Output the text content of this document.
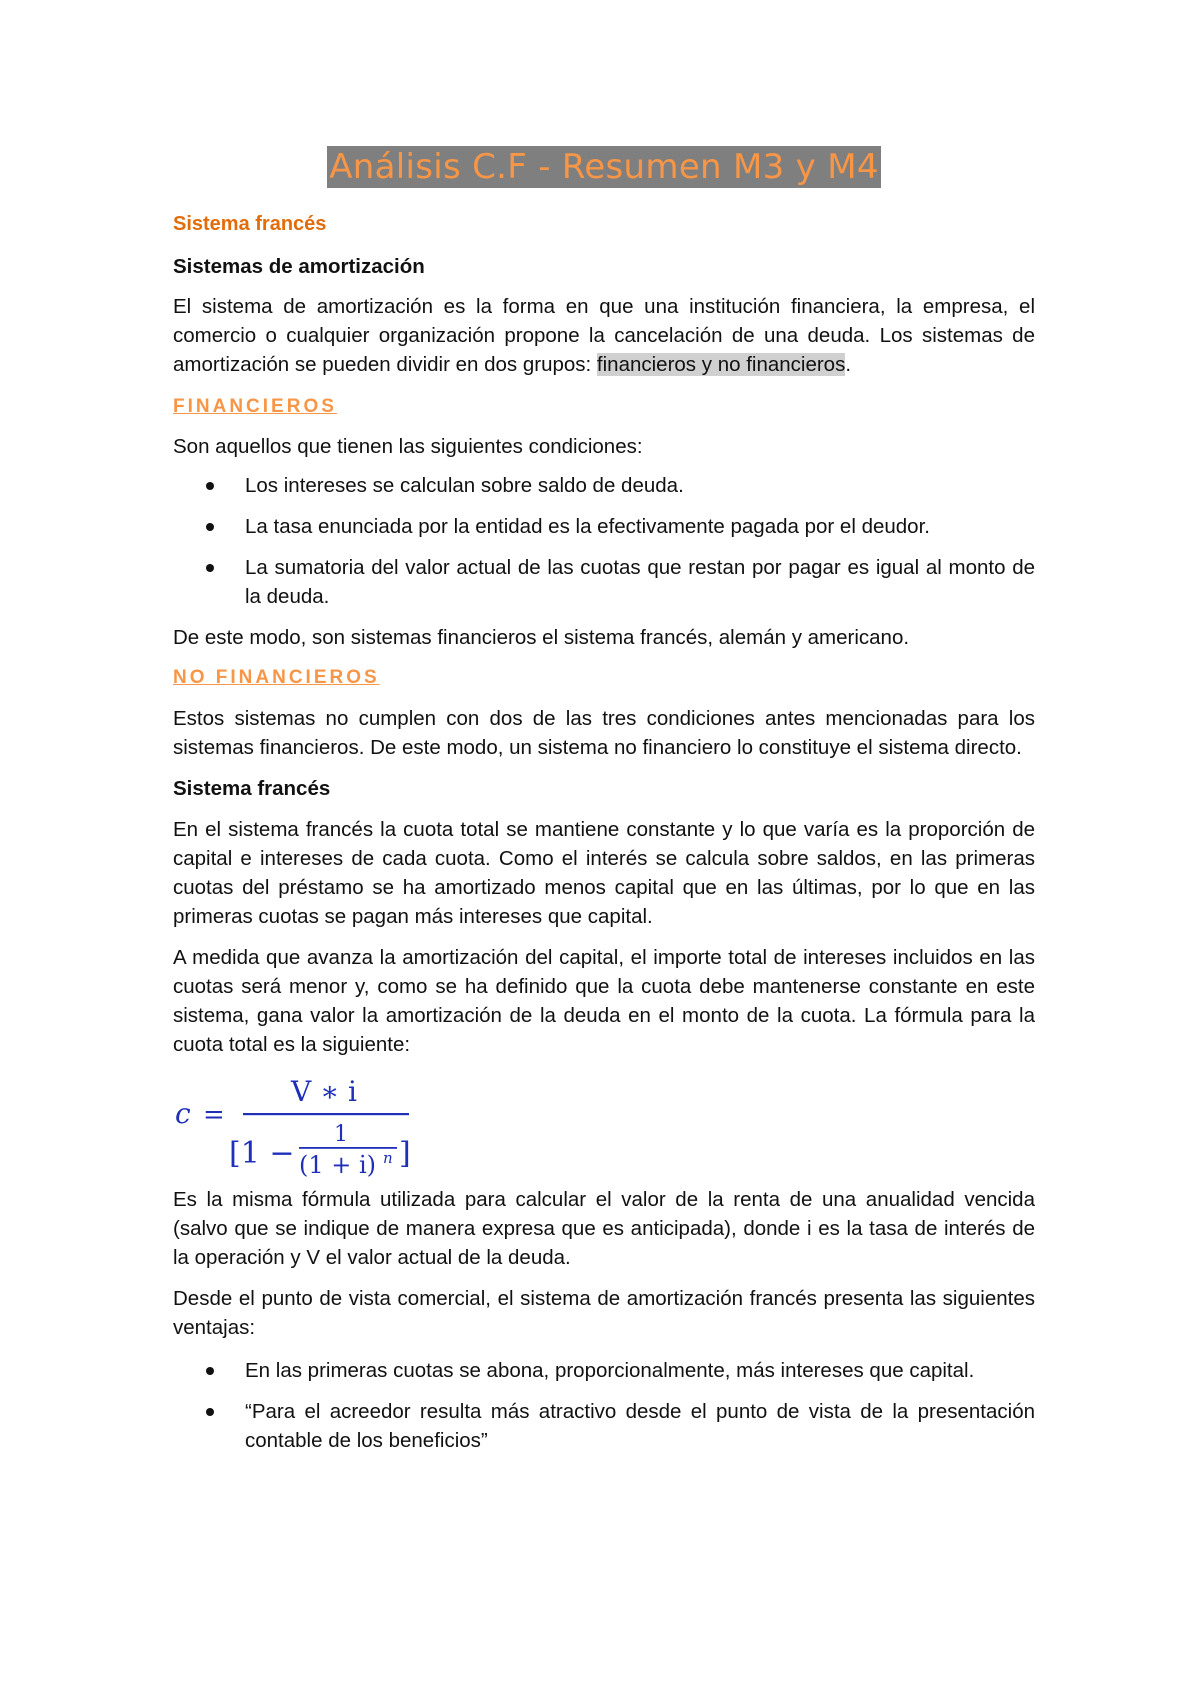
Análisis C.F - Resumen M3 y M4

Sistema francés

Sistemas de amortización

El sistema de amortización es la forma en que una institución financiera, la empresa, el comercio o cualquier organización propone la cancelación de una deuda. Los sistemas de amortización se pueden dividir en dos grupos: financieros y no financieros.

FINANCIEROS

Son aquellos que tienen las siguientes condiciones:

Los intereses se calculan sobre saldo de deuda.
La tasa enunciada por la entidad es la efectivamente pagada por el deudor.
La sumatoria del valor actual de las cuotas que restan por pagar es igual al monto de la deuda.

De este modo, son sistemas financieros el sistema francés, alemán y americano.

NO FINANCIEROS

Estos sistemas no cumplen con dos de las tres condiciones antes mencionadas para los sistemas financieros. De este modo, un sistema no financiero lo constituye el sistema directo.

Sistema francés

En el sistema francés la cuota total se mantiene constante y lo que varía es la proporción de capital e intereses de cada cuota. Como el interés se calcula sobre saldos, en las primeras cuotas del préstamo se ha amortizado menos capital que en las últimas, por lo que en las primeras cuotas se pagan más intereses que capital.

A medida que avanza la amortización del capital, el importe total de intereses incluidos en las cuotas será menor y, como se ha definido que la cuota debe mantenerse constante en este sistema, gana valor la amortización de la deuda en el monto de la cuota. La fórmula para la cuota total es la siguiente:

c =
V ∗ i
[1 −
1
(1 + i) n ]

Es la misma fórmula utilizada para calcular el valor de la renta de una anualidad vencida (salvo que se indique de manera expresa que es anticipada), donde i es la tasa de interés de la operación y V el valor actual de la deuda.

Desde el punto de vista comercial, el sistema de amortización francés presenta las siguientes ventajas:

En las primeras cuotas se abona, proporcionalmente, más intereses que capital.
“Para el acreedor resulta más atractivo desde el punto de vista de la presentación contable de los beneficios”
